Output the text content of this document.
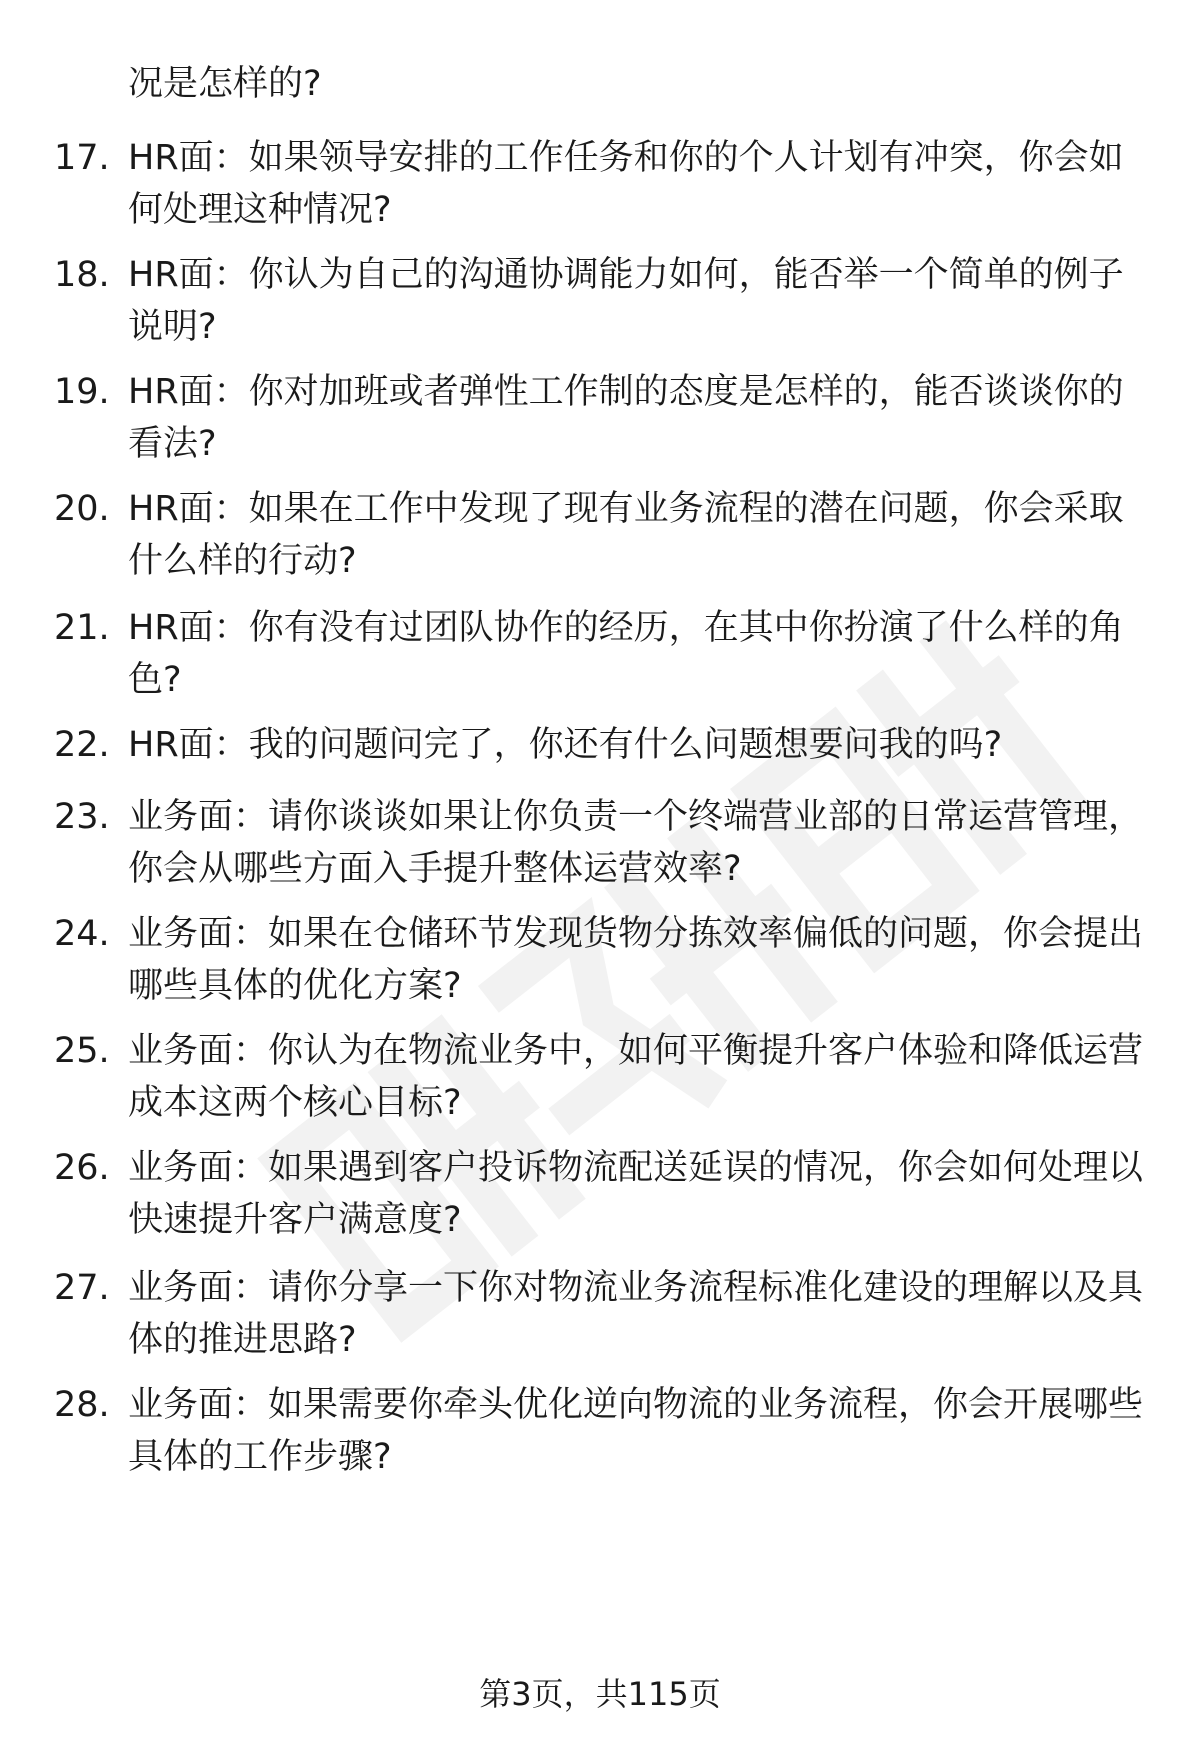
况是怎样的?

17. HR面：如果领导安排的工作任务和你的个人计划有冲突，你会如何处理这种情况?

18. HR面：你认为自己的沟通协调能力如何，能否举一个简单的例子说明?

19. HR面：你对加班或者弹性工作制的态度是怎样的，能否谈谈你的看法?

20. HR面：如果在工作中发现了现有业务流程的潜在问题，你会采取什么样的行动?

21. HR面：你有没有过团队协作的经历，在其中你扮演了什么样的角色?

22. HR面：我的问题问完了，你还有什么问题想要问我的吗?

23. 业务面：请你谈谈如果让你负责一个终端营业部的日常运营管理，你会从哪些方面入手提升整体运营效率?

24. 业务面：如果在仓储环节发现货物分拣效率偏低的问题，你会提出哪些具体的优化方案?

25. 业务面：你认为在物流业务中，如何平衡提升客户体验和降低运营成本这两个核心目标?

26. 业务面：如果遇到客户投诉物流配送延误的情况，你会如何处理以快速提升客户满意度?

27. 业务面：请你分享一下你对物流业务流程标准化建设的理解以及具体的推进思路?

28. 业务面：如果需要你牵头优化逆向物流的业务流程，你会开展哪些具体的工作步骤?

第3页，共115页
